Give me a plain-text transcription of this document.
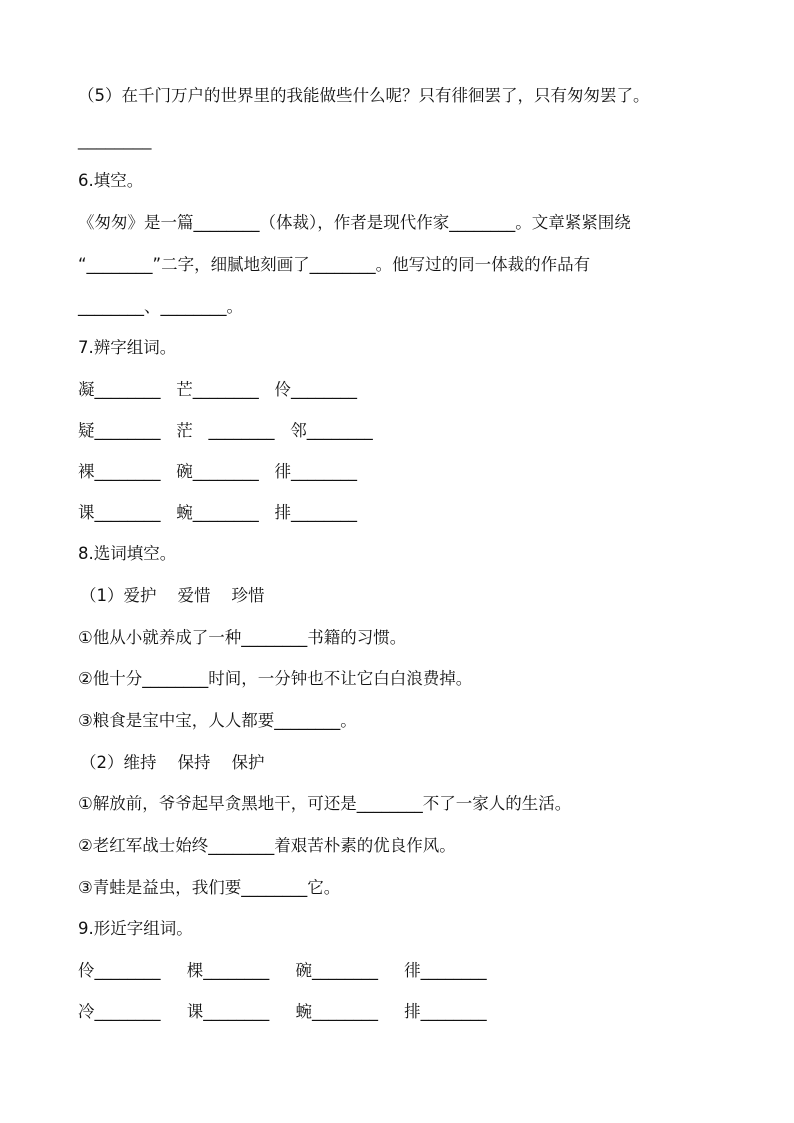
（5）在千门万户的世界里的我能做些什么呢？只有徘徊罢了，只有匆匆罢了。
________
6.填空。
《匆匆》是一篇________（体裁），作者是现代作家________。文章紧紧围绕
“________”二字，细腻地刻画了________。他写过的同一体裁的作品有
________、________。
7.辨字组词。
凝________   芒________   伶________
疑________   茫   ________   邻________
裸________   碗________   徘________
课________   蜿________   排________
8.选词填空。
（1）爱护    爱惜    珍惜
①他从小就养成了一种________书籍的习惯。
②他十分________时间，一分钟也不让它白白浪费掉。
③粮食是宝中宝，人人都要________。
（2）维持    保持    保护
①解放前，爷爷起早贪黑地干，可还是________不了一家人的生活。
②老红军战士始终________着艰苦朴素的优良作风。
③青蛙是益虫，我们要________它。
9.形近字组词。
伶________     棵________     碗________     徘________
冷________     课________     蜿________     排________
